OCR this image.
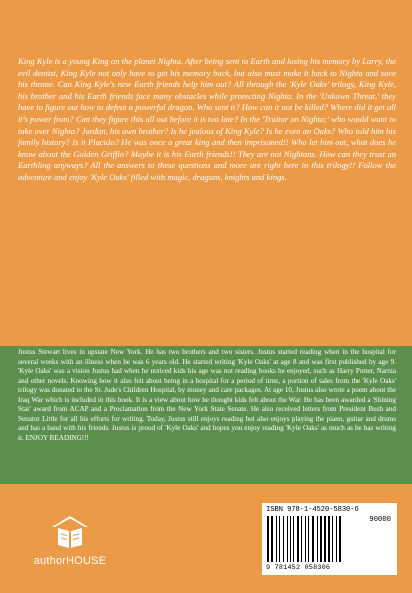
King Kyle is a young King on the planet Nighta. After being sent to Earth and losing his memory by Larry, the evil dentist, King Kyle not only have to get his memory back, but also must make it back to Nighta and save his throne. Can King Kyle's new Earth friends help him out? All through the 'Kyle Oaks' trilogy, King Kyle, his brother and his Earth friends face many obstacles while protecting Nighta. In the 'Unkown Threat,' they have to figure out how to defeat a powerful dragon. Who sent it? How can it not be killed? Where did it get all it's power from? Can they figure this all out before it is too late? In the 'Traitor on Nighta;' who would want to take over Nighta? Jordan, his own brother? Is he jealous of King Kyle? Is he even an Oaks? Who told him his family history? Is it Placido? He was once a great king and then imprisoned!! Who let him out, what does he know about the Golden Griffin? Maybe it is his Earth friends!! They are not Nightans. How can they trust an Earthling anyways? All the answers to these questions and more are right here in this trilogy!! Follow the adventure and enjoy 'Kyle Oaks' filled with magic, dragons, knights and kings.

Justus Stewart lives in upstate New York. He has two brothers and two sisters. Justus started reading when in the hospital for several weeks with an illness when he was 6 years old. He started writing 'Kyle Oaks' at age 8 and was first published by age 9. 'Kyle Oaks' was a vision Justus had when he noticed kids his age was not reading books he enjoyed, such as Harry Potter, Narnia and other novels. Knowing how it also felt about being in a hospital for a period of time, a portion of sales from the 'Kyle Oaks' trilogy was donated to the St. Jude's Children Hospital, by money and care packages. At age 10, Justus also wrote a poem about the Iraq War which is included in this book. It is a view about how he thought kids felt about the War. He has been awarded a 'Shining Star' award from ACAP and a Proclamation from the New York State Senate. He also received letters from President Bush and Senator Little for all his efforts for writing. Today, Justus still enjoys reading but also enjoys playing the piano, guitar and drums and has a band with his friends. Justus is proud of 'Kyle Oaks' and hopes you enjoy reading 'Kyle Oaks' as much as he has writing it. ENJOY READING!!!

authorHOUSE
ISBN 978-1-4520-5830-6
90000
9 781452 058306
